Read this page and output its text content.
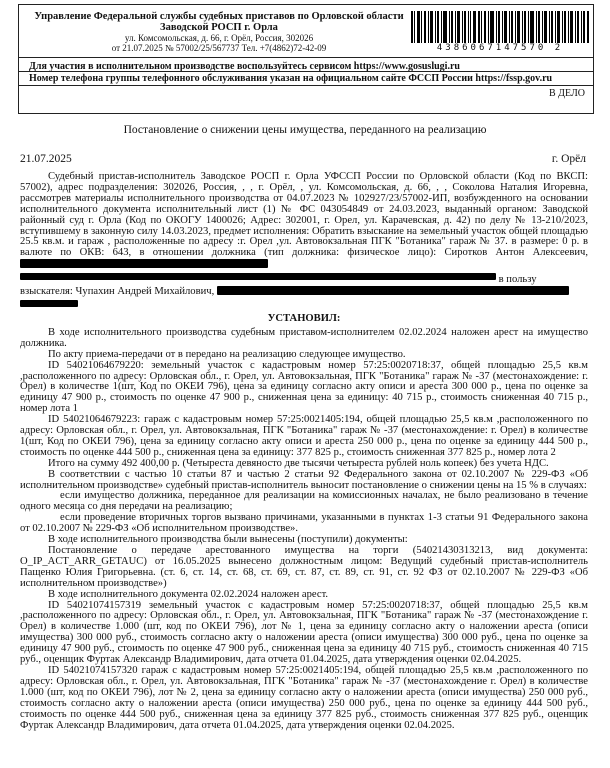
Управление Федеральной службы судебных приставов по Орловской области
Заводской РОСП г. Орла
ул. Комсомольская, д. 66, г. Орёл, Россия, 302026
от 21.07.2025 № 57002/25/567737 Тел. +7(4862)72-42-09	4386067147570 2
Для участия в исполнительном производстве воспользуйтесь сервисом https://www.gosuslugi.ru
Номер телефона группы телефонного обслуживания указан на официальном сайте ФССП России https://fssp.gov.ru
В ДЕЛО
Постановление о снижении цены имущества, переданного на реализацию
21.07.2025	г. Орёл

Судебный пристав-исполнитель Заводское РОСП г. Орла УФССП России по Орловской области (Код по ВКСП: 57002), адрес подразделения: 302026, Россия, , , г. Орёл, , ул. Комсомольская, д. 66, , , Соколова Наталия Игоревна, рассмотрев материалы исполнительного производства от 04.07.2023 № 102927/23/57002-ИП, возбужденного на основании исполнительного документа исполнительный лист (1) № ФС 043054849 от 24.03.2023, выданный органом: Заводской районный суд г. Орла (Код по ОКОГУ 1400026; Адрес: 302001, г. Орел, ул. Карачевская, д. 42) по делу № 13-210/2023, вступившему в законную силу 14.03.2023, предмет исполнения: Обратить взыскание на земельный участок общей площадью 25.5 кв.м. и гараж , расположенные по адресу :г. Орел ,ул. Автовокзальная ПГК "Ботаника" гараж № 37. в размере: 0 р. в валюте по ОКВ: 643, в отношении должника (тип должника: физическое лицо): Сиротков Антон Алексеевич,

в пользу

взыскателя: Чупахин Андрей Михайлович,

УСТАНОВИЛ:

В ходе исполнительного производства судебным приставом-исполнителем 02.02.2024 наложен арест на имущество должника.

По акту приема-передачи от в передано на реализацию следующее имущество.

ID 54021064679220: земельный участок с кадастровым номер 57:25:0020718:37, общей площадью 25,5 кв.м ,расположенного по адресу: Орловская обл., г. Орел, ул. Автовокзальная, ПГК "Ботаника" гараж № -37 (местонахождение: г. Орел) в количестве 1(шт, Код по ОКЕИ 796), цена за единицу согласно акту описи и ареста 300 000 р., цена по оценке за единицу 47 900 р., стоимость по оценке 47 900 р., сниженная цена за единицу: 40 715 р., стоимость сниженная 40 715 р., номер лота 1

ID 54021064679223: гараж с кадастровым номер 57:25:0021405:194, общей площадью 25,5 кв.м ,расположенного по адресу: Орловская обл., г. Орел, ул. Автовокзальная, ПГК "Ботаника" гараж № -37 (местонахождение: г. Орел) в количестве 1(шт, Код по ОКЕИ 796), цена за единицу согласно акту описи и ареста 250 000 р., цена по оценке за единицу 444 500 р., стоимость по оценке 444 500 р., сниженная цена за единицу: 377 825 р., стоимость сниженная 377 825 р., номер лота 2

Итого на сумму 492 400,00 р. (Четыреста девяносто две тысячи четыреста рублей ноль копеек) без учета НДС.

В соответствии с частью 10 статьи 87 и частью 2 статьи 92 Федерального закона от 02.10.2007 № 229-ФЗ «Об исполнительном производстве» судебный пристав-исполнитель выносит постановление о снижении цены на 15 % в случаях:

если имущество должника, переданное для реализации на комиссионных началах, не было реализовано в течение одного месяца со дня передачи на реализацию;

если проведение вторичных торгов вызвано причинами, указанными в пунктах 1-3 статьи 91 Федерального закона от 02.10.2007 № 229-ФЗ «Об исполнительном производстве».

В ходе исполнительного производства были вынесены (поступили) документы:

Постановление о передаче арестованного имущества на торги (54021430313213, вид документа: O_IP_ACT_ARR_GETAUC) от 16.05.2025 вынесено должностным лицом: Ведущий судебный пристав-исполнитель Пащенко Юлия Григорьевна. (ст. 6, ст. 14, ст. 68, ст. 69, ст. 87, ст. 89, ст. 91, ст. 92 ФЗ от 02.10.2007 № 229-ФЗ «Об исполнительном производстве»)

В ходе исполнительного документа 02.02.2024 наложен арест.

ID 54021074157319 земельный участок с кадастровым номер 57:25:0020718:37, общей площадью 25,5 кв.м ,расположенного по адресу: Орловская обл., г. Орел, ул. Автовокзальная, ПГК "Ботаника" гараж № -37 (местонахождение г. Орел) в количестве 1.000 (шт, код по ОКЕИ 796), лот № 1, цена за единицу согласно акту о наложении ареста (описи имущества) 300 000 руб., стоимость согласно акту о наложении ареста (описи имущества) 300 000 руб., цена по оценке за единицу 47 900 руб., стоимость по оценке 47 900 руб., сниженная цена за единицу 40 715 руб., стоимость сниженная 40 715 руб., оценщик Фуртак Александр Владимирович, дата отчета 01.04.2025, дата утверждения оценки 02.04.2025.

ID 54021074157320 гараж с кадастровым номер 57:25:0021405:194, общей площадью 25,5 кв.м ,расположенного по адресу: Орловская обл., г. Орел, ул. Автовокзальная, ПГК "Ботаника" гараж № -37 (местонахождение г. Орел) в количестве 1.000 (шт, код по ОКЕИ 796), лот № 2, цена за единицу согласно акту о наложении ареста (описи имущества) 250 000 руб., стоимость согласно акту о наложении ареста (описи имущества) 250 000 руб., цена по оценке за единицу 444 500 руб., стоимость по оценке 444 500 руб., сниженная цена за единицу 377 825 руб., стоимость сниженная 377 825 руб., оценщик Фуртак Александр Владимирович, дата отчета 01.04.2025, дата утверждения оценки 02.04.2025.
